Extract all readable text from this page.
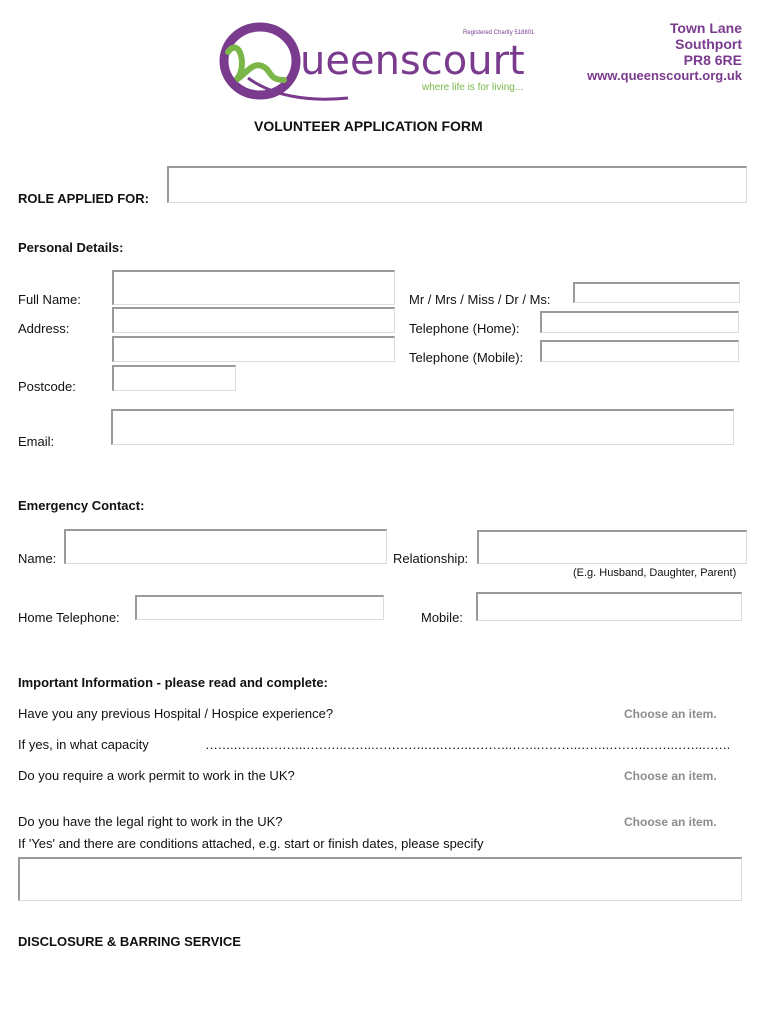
Registered Charity 518801
ueenscourt
where life is for living...
Town Lane
Southport
PR8 6RE
www.queenscourt.org.uk
VOLUNTEER APPLICATION FORM
ROLE APPLIED FOR:
Personal Details:
Full Name:	Mr / Mrs / Miss / Dr / Ms:
Address:	Telephone (Home):
Telephone (Mobile):
Postcode:
Email:
Emergency Contact:
Name:	Relationship:
(E.g. Husband, Daughter, Parent)
Home Telephone:	Mobile:
Important Information - please read and complete:
Have you any previous Hospital / Hospice experience?	Choose an item.
If yes, in what capacity	…….…….……….……….…….………….….…….……….…….……….…….……….…….…….…….
Do you require a work permit to work in the UK?	Choose an item.
Do you have the legal right to work in the UK?	Choose an item.
If 'Yes' and there are conditions attached, e.g. start or finish dates, please specify
DISCLOSURE & BARRING SERVICE
